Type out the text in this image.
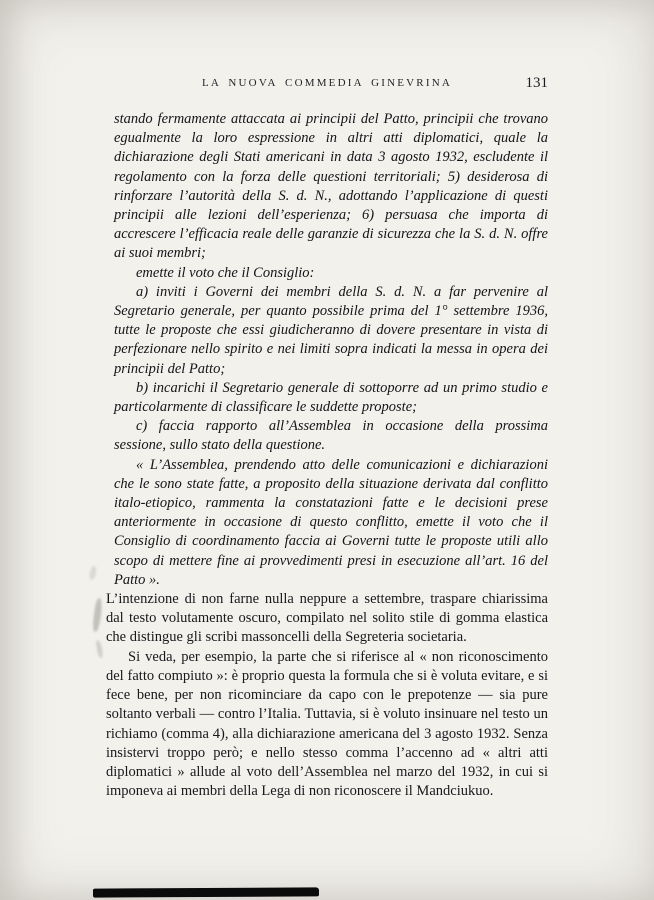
LA NUOVA COMMEDIA GINEVRINA	131

stando fermamente attaccata ai principii del Patto, principii che trovano egualmente la loro espressione in altri atti diplomatici, quale la dichiarazione degli Stati americani in data 3 agosto 1932, escludente il regolamento con la forza delle questioni territoriali; 5) desiderosa di rinforzare l’autorità della S. d. N., adottando l’applicazione di questi principii alle lezioni dell’esperienza; 6) persuasa che importa di accrescere l’efficacia reale delle garanzie di sicurezza che la S. d. N. offre ai suoi membri;

emette il voto che il Consiglio:

a) inviti i Governi dei membri della S. d. N. a far pervenire al Segretario generale, per quanto possibile prima del 1° settembre 1936, tutte le proposte che essi giudicheranno di dovere presentare in vista di perfezionare nello spirito e nei limiti sopra indicati la messa in opera dei principii del Patto;

b) incarichi il Segretario generale di sottoporre ad un primo studio e particolarmente di classificare le suddette proposte;

c) faccia rapporto all’Assemblea in occasione della prossima sessione, sullo stato della questione.

« L’Assemblea, prendendo atto delle comunicazioni e dichiarazioni che le sono state fatte, a proposito della situazione derivata dal conflitto italo-etiopico, rammenta la constatazioni fatte e le decisioni prese anteriormente in occasione di questo conflitto, emette il voto che il Consiglio di coordinamento faccia ai Governi tutte le proposte utili allo scopo di mettere fine ai provvedimenti presi in esecuzione all’art. 16 del Patto ».

L’intenzione di non farne nulla neppure a settembre, traspare chiarissima dal testo volutamente oscuro, compilato nel solito stile di gomma elastica che distingue gli scribi massoncelli della Segreteria societaria.

Si veda, per esempio, la parte che si riferisce al « non riconoscimento del fatto compiuto »: è proprio questa la formula che si è voluta evitare, e si fece bene, per non ricominciare da capo con le prepotenze — sia pure soltanto verbali — contro l’Italia. Tuttavia, si è voluto insinuare nel testo un richiamo (comma 4), alla dichiarazione americana del 3 agosto 1932. Senza insistervi troppo però; e nello stesso comma l’accenno ad « altri atti diplomatici » allude al voto dell’Assemblea nel marzo del 1932, in cui si imponeva ai membri della Lega di non riconoscere il Mandciukuo.
